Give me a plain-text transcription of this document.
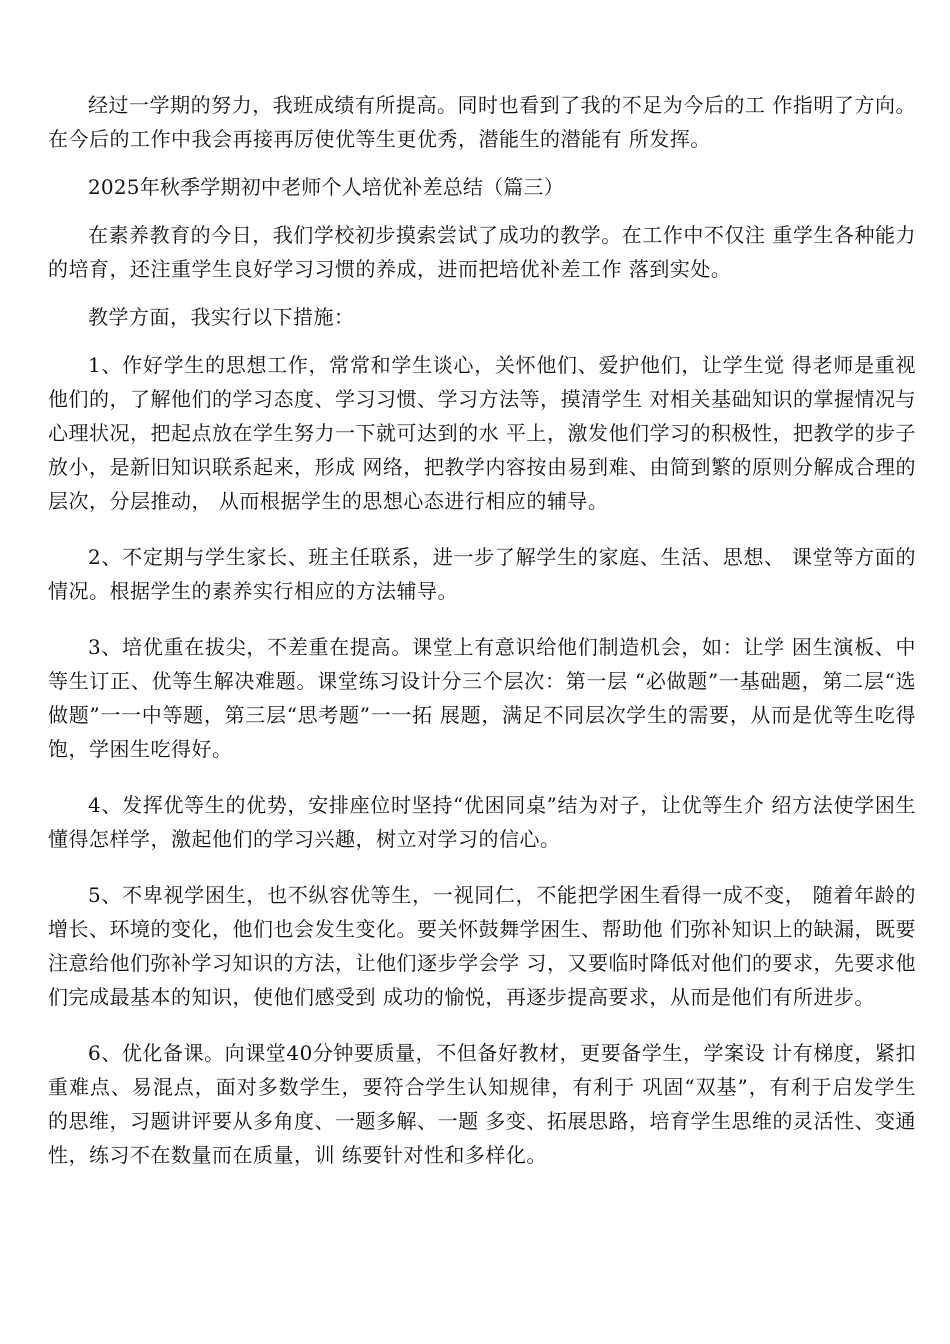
经过一学期的努力，我班成绩有所提高。同时也看到了我的不足为今后的工 作指明了方向。在今后的工作中我会再接再厉使优等生更优秀，潜能生的潜能有 所发挥。

2025年秋季学期初中老师个人培优补差总结（篇三）

在素养教育的今日，我们学校初步摸索尝试了成功的教学。在工作中不仅注 重学生各种能力的培育，还注重学生良好学习习惯的养成，进而把培优补差工作 落到实处。

教学方面，我实行以下措施：

1、作好学生的思想工作，常常和学生谈心，关怀他们、爱护他们，让学生觉 得老师是重视他们的，了解他们的学习态度、学习习惯、学习方法等，摸清学生 对相关基础知识的掌握情况与心理状况，把起点放在学生努力一下就可达到的水 平上，激发他们学习的积极性，把教学的步子放小，是新旧知识联系起来，形成 网络，把教学内容按由易到难、由简到繁的原则分解成合理的层次，分层推动， 从而根据学生的思想心态进行相应的辅导。

2、不定期与学生家长、班主任联系，进一步了解学生的家庭、生活、思想、 课堂等方面的情况。根据学生的素养实行相应的方法辅导。

3、培优重在拔尖，不差重在提高。课堂上有意识给他们制造机会，如：让学 困生演板、中等生订正、优等生解决难题。课堂练习设计分三个层次：第一层 “必做题”一基础题，第二层“选做题”一一中等题，第三层“思考题”一一拓 展题，满足不同层次学生的需要，从而是优等生吃得饱，学困生吃得好。

4、发挥优等生的优势，安排座位时坚持“优困同桌”结为对子，让优等生介 绍方法使学困生懂得怎样学，激起他们的学习兴趣，树立对学习的信心。

5、不卑视学困生，也不纵容优等生，一视同仁，不能把学困生看得一成不变， 随着年龄的增长、环境的变化，他们也会发生变化。要关怀鼓舞学困生、帮助他 们弥补知识上的缺漏，既要注意给他们弥补学习知识的方法，让他们逐步学会学 习，又要临时降低对他们的要求，先要求他们完成最基本的知识，使他们感受到 成功的愉悦，再逐步提高要求，从而是他们有所进步。

6、优化备课。向课堂40分钟要质量，不但备好教材，更要备学生，学案设 计有梯度，紧扣重难点、易混点，面对多数学生，要符合学生认知规律，有利于 巩固“双基”，有利于启发学生的思维，习题讲评要从多角度、一题多解、一题 多变、拓展思路，培育学生思维的灵活性、变通性，练习不在数量而在质量，训 练要针对性和多样化。
